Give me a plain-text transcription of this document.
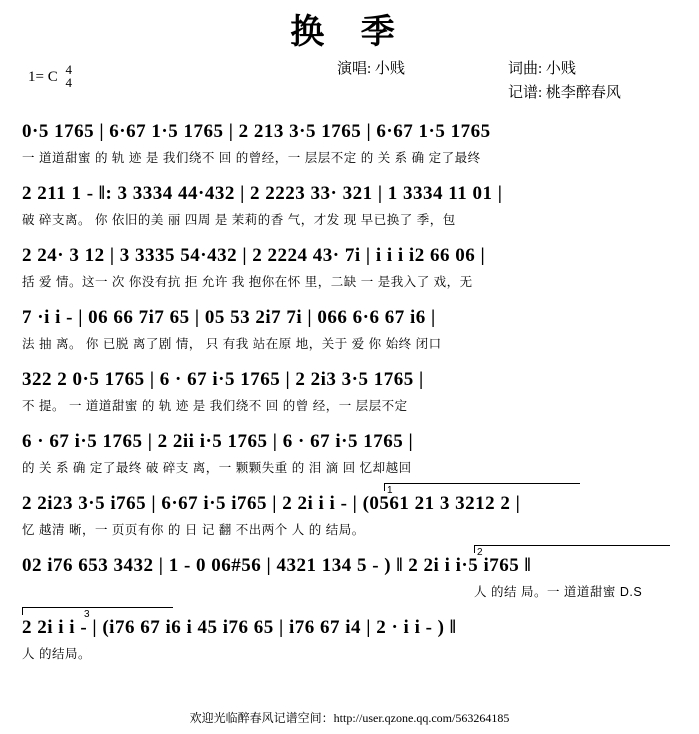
换 季
1= C 4
4
演唱: 小贱	词曲: 小贱
记谱: 桃李醉春风
0·5 1765 | 6·67 1·5 1765 | 2 213 3·5 1765 | 6·67 1·5 1765
一 道道甜蜜 的 轨 迹 是 我们绕不 回 的曾经，一 层层不定 的 关 系 确 定了最终
2 211 1 - ‖: 3 3334 44·432 | 2 2223 33· 321 | 1 3334 11 01 |
破 碎支离。 你 依旧的美 丽 四周 是 茉莉的香 气，才发 现 早已换了 季，包
2 24· 3 12 | 3 3335 54·432 | 2 2224 43· 7i | i i i i2 66 06 |
括 爱 情。这一 次 你没有抗 拒 允许 我 抱你在怀 里，二缺 一 是我入了 戏，无
7 ·i i - | 06 66 7i7 65 | 05 53 2i7 7i | 066 6·6 67 i6 |
法 抽 离。 你 已脱 离了剧 情， 只 有我 站在原 地，关于 爱 你 始终 闭口
322 2 0·5 1765 | 6 · 67 i·5 1765 | 2 2i3 3·5 1765 |
不 提。 一 道道甜蜜 的 轨 迹 是 我们绕不 回 的曾 经，一 层层不定
6 · 67 i·5 1765 | 2 2ii i·5 1765 | 6 · 67 i·5 1765 |
的 关 系 确 定了最终 破 碎支 离，一 颗颗失重 的 泪 滴 回 忆却越回
1
2 2i23 3·5 i765 | 6·67 i·5 i765 | 2 2i i i - | (0561 21 3 3212 2 |
忆 越清 晰，一 页页有你 的 日 记 翻 不出两个 人 的 结局。
2
02 i76 653 3432 | 1 - 0 06#56 | 4321 134 5 - ) ‖ 2 2i i i·5 i765 ‖
人 的结 局。一 道道甜蜜 D.S
3
2 2i i i - | (i76 67 i6 i 45 i76 65 | i76 67 i4 | 2 · i i - ) ‖
人 的结局。
欢迎光临醉春风记谱空间：http://user.qzone.qq.com/563264185
